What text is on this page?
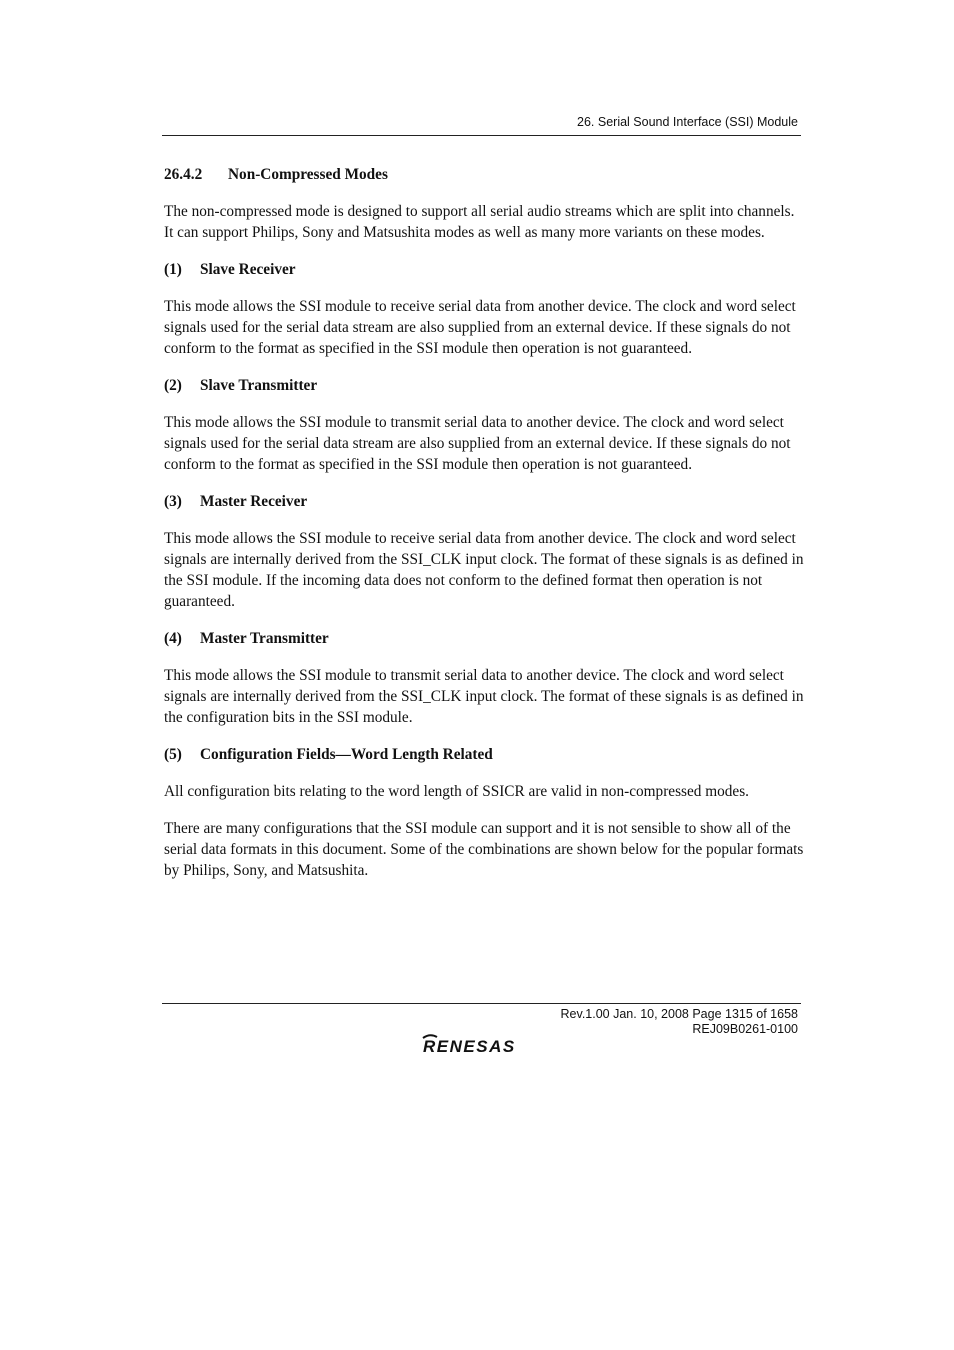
26. Serial Sound Interface (SSI) Module
26.4.2 Non-Compressed Modes

The non-compressed mode is designed to support all serial audio streams which are split into channels. It can support Philips, Sony and Matsushita modes as well as many more variants on these modes.

(1) Slave Receiver

This mode allows the SSI module to receive serial data from another device. The clock and word select signals used for the serial data stream are also supplied from an external device. If these signals do not conform to the format as specified in the SSI module then operation is not guaranteed.

(2) Slave Transmitter

This mode allows the SSI module to transmit serial data to another device. The clock and word select signals used for the serial data stream are also supplied from an external device. If these signals do not conform to the format as specified in the SSI module then operation is not guaranteed.

(3) Master Receiver

This mode allows the SSI module to receive serial data from another device. The clock and word select signals are internally derived from the SSI_CLK input clock. The format of these signals is as defined in the SSI module. If the incoming data does not conform to the defined format then operation is not guaranteed.

(4) Master Transmitter

This mode allows the SSI module to transmit serial data to another device. The clock and word select signals are internally derived from the SSI_CLK input clock. The format of these signals is as defined in the configuration bits in the SSI module.

(5) Configuration Fields—Word Length Related

All configuration bits relating to the word length of SSICR are valid in non-compressed modes.

There are many configurations that the SSI module can support and it is not sensible to show all of the serial data formats in this document. Some of the combinations are shown below for the popular formats by Philips, Sony, and Matsushita.

Rev.1.00 Jan. 10, 2008 Page 1315 of 1658
REJ09B0261-0100
RENESAS
